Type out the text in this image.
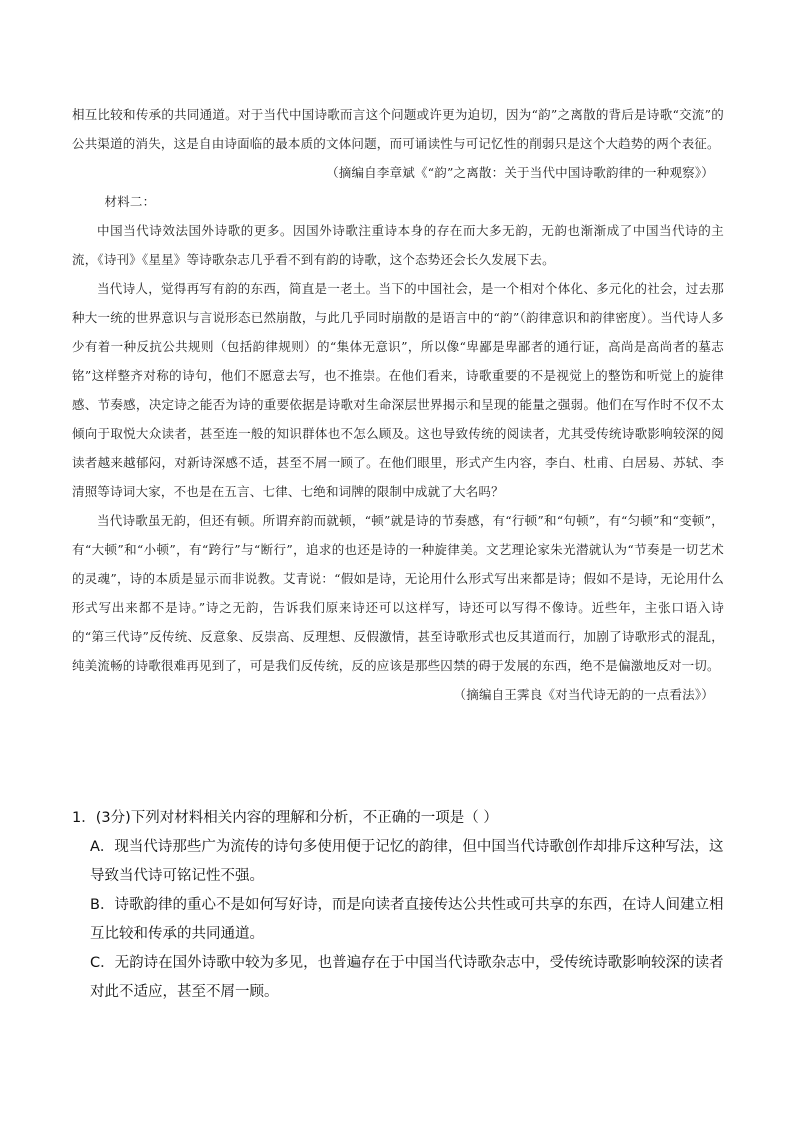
相互比较和传承的共同通道。对于当代中国诗歌而言这个问题或许更为迫切，因为“韵”之离散的背后是诗歌“交流”的公共渠道的消失，这是自由诗面临的最本质的文体问题，而可诵读性与可记忆性的削弱只是这个大趋势的两个表征。

（摘编自李章斌《“韵”之离散：关于当代中国诗歌韵律的一种观察》）

材料二：

中国当代诗效法国外诗歌的更多。因国外诗歌注重诗本身的存在而大多无韵，无韵也渐渐成了中国当代诗的主流，《诗刊》《星星》等诗歌杂志几乎看不到有韵的诗歌，这个态势还会长久发展下去。

当代诗人，觉得再写有韵的东西，简直是一老土。当下的中国社会，是一个相对个体化、多元化的社会，过去那种大一统的世界意识与言说形态已然崩散，与此几乎同时崩散的是语言中的“韵”（韵律意识和韵律密度）。当代诗人多少有着一种反抗公共规则（包括韵律规则）的“集体无意识”，所以像“卑鄙是卑鄙者的通行证，高尚是高尚者的墓志铭”这样整齐对称的诗句，他们不愿意去写，也不推崇。在他们看来，诗歌重要的不是视觉上的整饬和听觉上的旋律感、节奏感，决定诗之能否为诗的重要依据是诗歌对生命深层世界揭示和呈现的能量之强弱。他们在写作时不仅不太倾向于取悦大众读者，甚至连一般的知识群体也不怎么顾及。这也导致传统的阅读者，尤其受传统诗歌影响较深的阅读者越来越郁闷，对新诗深感不适，甚至不屑一顾了。在他们眼里，形式产生内容，李白、杜甫、白居易、苏轼、李清照等诗词大家，不也是在五言、七律、七绝和词牌的限制中成就了大名吗？

当代诗歌虽无韵，但还有顿。所谓弃韵而就顿，“顿”就是诗的节奏感，有“行顿”和“句顿”，有“匀顿”和“变顿”，有“大顿”和“小顿”，有“跨行”与“断行”，追求的也还是诗的一种旋律美。文艺理论家朱光潜就认为“节奏是一切艺术的灵魂”，诗的本质是显示而非说教。艾青说：“假如是诗，无论用什么形式写出来都是诗；假如不是诗，无论用什么形式写出来都不是诗。”诗之无韵，告诉我们原来诗还可以这样写，诗还可以写得不像诗。近些年，主张口语入诗的“第三代诗”反传统、反意象、反崇高、反理想、反假激情，甚至诗歌形式也反其道而行，加剧了诗歌形式的混乱，纯美流畅的诗歌很难再见到了，可是我们反传统，反的应该是那些囚禁的碍于发展的东西，绝不是偏激地反对一切。

（摘编自王霁良《对当代诗无韵的一点看法》）

1．(3分)下列对材料相关内容的理解和分析，不正确的一项是（ ）

A．现当代诗那些广为流传的诗句多使用便于记忆的韵律，但中国当代诗歌创作却排斥这种写法，这导致当代诗可铭记性不强。

B．诗歌韵律的重心不是如何写好诗，而是向读者直接传达公共性或可共享的东西，在诗人间建立相互比较和传承的共同通道。

C．无韵诗在国外诗歌中较为多见，也普遍存在于中国当代诗歌杂志中，受传统诗歌影响较深的读者对此不适应，甚至不屑一顾。
